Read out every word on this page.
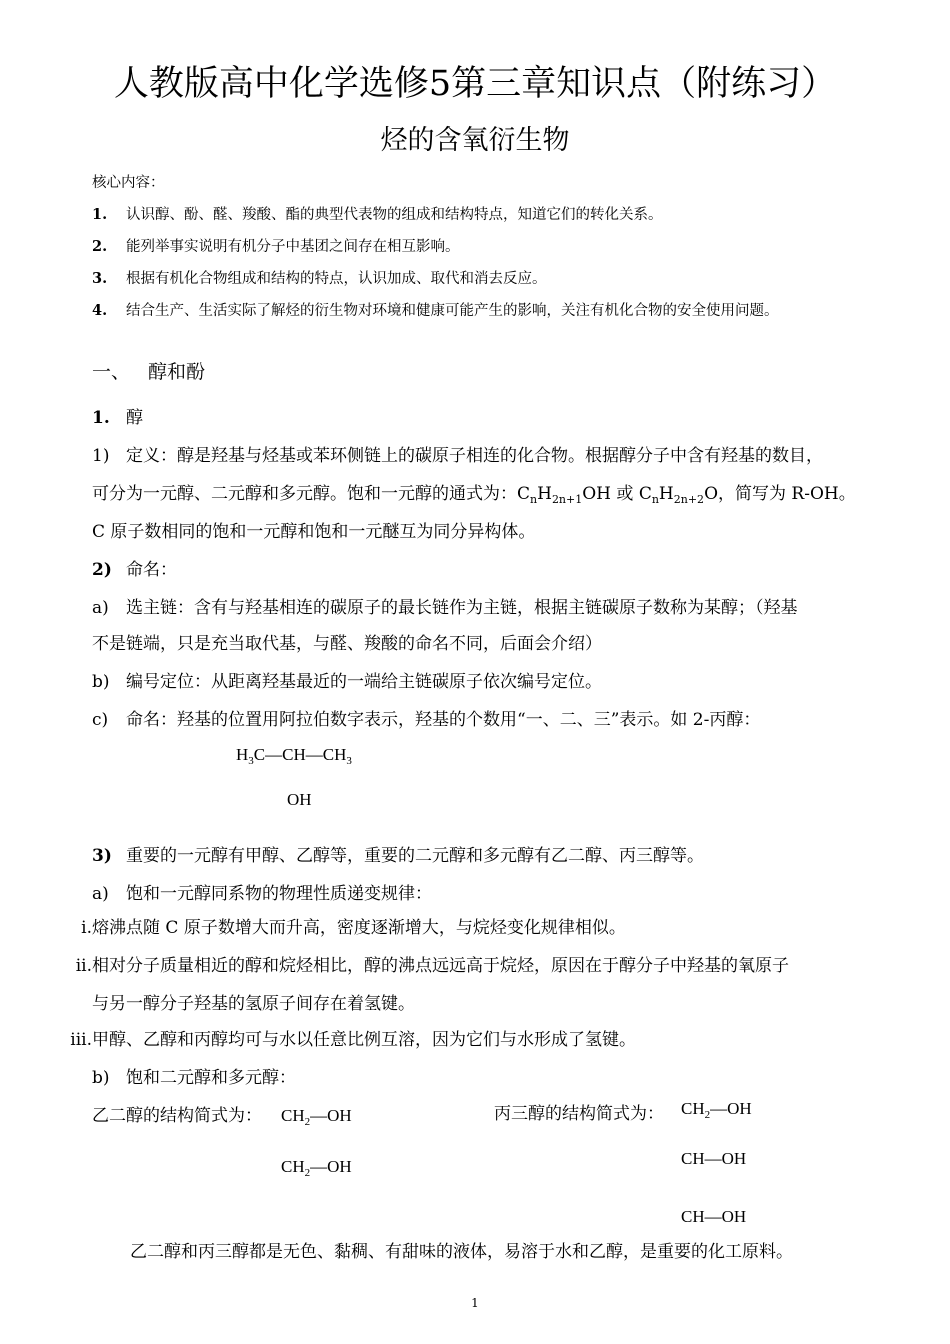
人教版高中化学选修5第三章知识点（附练习）
烃的含氧衍生物
核心内容：
1. 认识醇、酚、醛、羧酸、酯的典型代表物的组成和结构特点，知道它们的转化关系。
2. 能列举事实说明有机分子中基团之间存在相互影响。
3. 根据有机化合物组成和结构的特点，认识加成、取代和消去反应。
4. 结合生产、生活实际了解烃的衍生物对环境和健康可能产生的影响，关注有机化合物的安全使用问题。
一、 醇和酚
1. 醇
1) 定义：醇是羟基与烃基或苯环侧链上的碳原子相连的化合物。根据醇分子中含有羟基的数目，
可分为一元醇、二元醇和多元醇。饱和一元醇的通式为：$C_nH_{2n+1}OH$ 或 $C_nH_{2n+2}O$，简写为 R-OH。
C 原子数相同的饱和一元醇和饱和一元醚互为同分异构体。
2) 命名：
a) 选主链：含有与羟基相连的碳原子的最长链作为主链，根据主链碳原子数称为某醇；（羟基
不是链端，只是充当取代基，与醛、羧酸的命名不同，后面会介绍）
b) 编号定位：从距离羟基最近的一端给主链碳原子依次编号定位。
c) 命名：羟基的位置用阿拉伯数字表示，羟基的个数用“一、二、三”表示。如 2-丙醇：
$H_3C—CH—CH_3$
OH
3) 重要的一元醇有甲醇、乙醇等，重要的二元醇和多元醇有乙二醇、丙三醇等。
a) 饱和一元醇同系物的物理性质递变规律：
i.熔沸点随 C 原子数增大而升高，密度逐渐增大，与烷烃变化规律相似。
ii.相对分子质量相近的醇和烷烃相比，醇的沸点远远高于烷烃，原因在于醇分子中羟基的氧原子
与另一醇分子羟基的氢原子间存在着氢键。
iii.甲醇、乙醇和丙醇均可与水以任意比例互溶，因为它们与水形成了氢键。
b) 饱和二元醇和多元醇：
乙二醇的结构简式为： $CH_2—OH$
$CH_2—OH$
丙三醇的结构简式为： $CH_2—OH$
CH—OH
CH—OH
乙二醇和丙三醇都是无色、黏稠、有甜味的液体，易溶于水和乙醇，是重要的化工原料。
1
